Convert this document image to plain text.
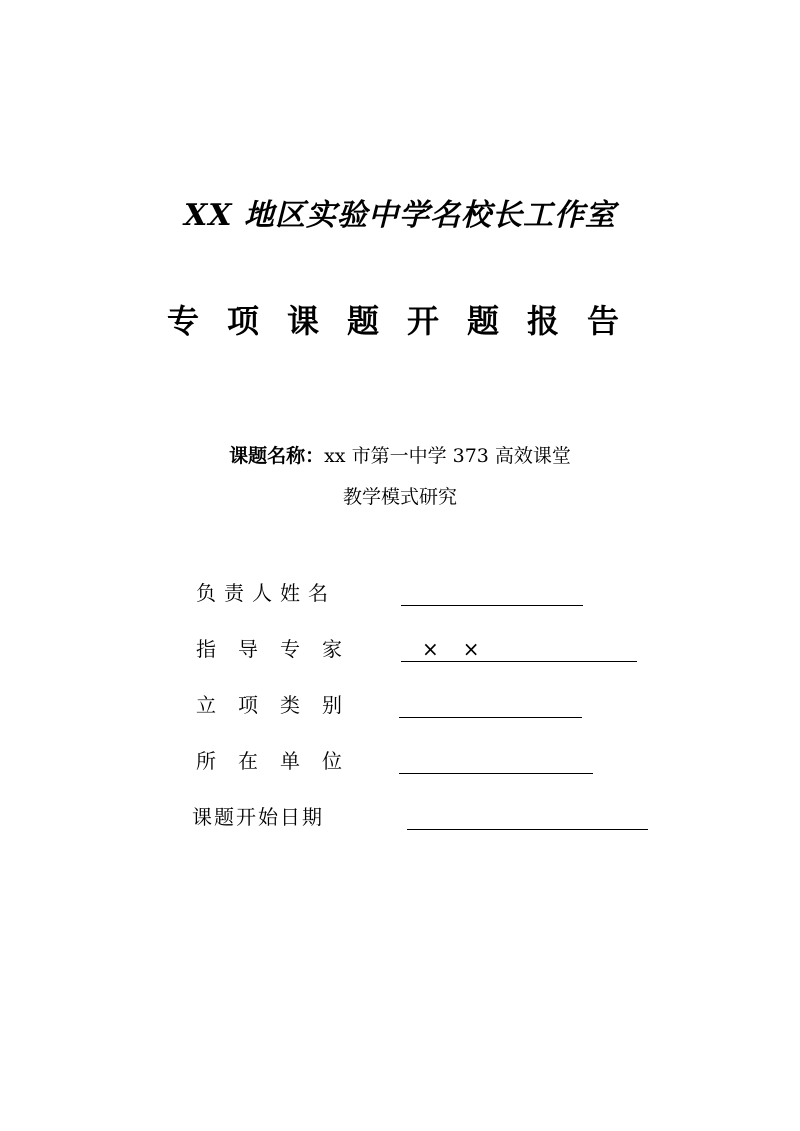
XX 地区实验中学名校长工作室
专项课题开题报告
课题名称：xx 市第一中学 373 高效课堂
教学模式研究
负责人姓名
指导专家	××
立项类别
所在单位
课题开始日期
